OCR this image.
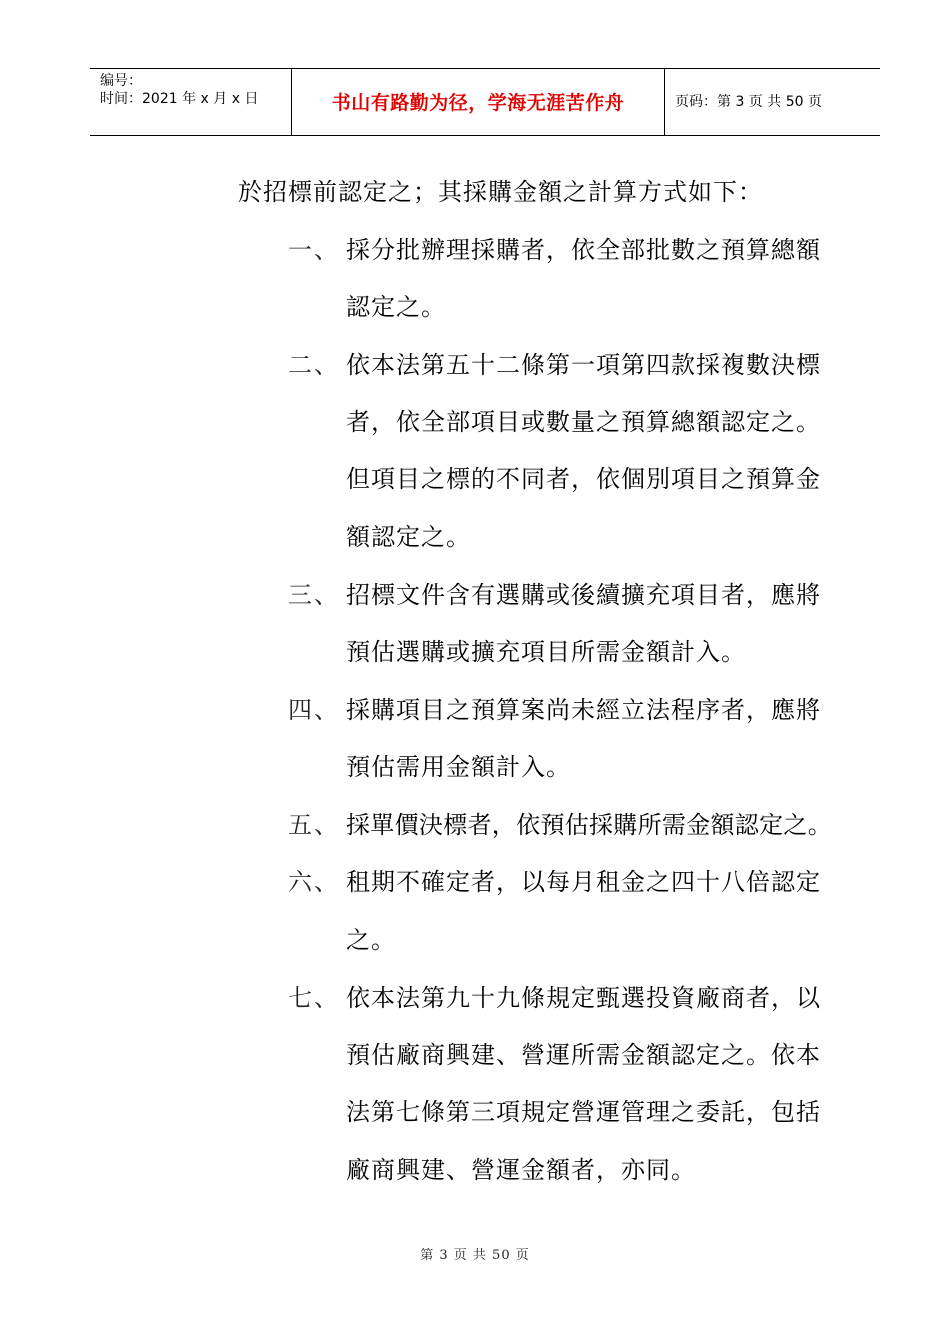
编号：
时间：2021 年 x 月 x 日	书山有路勤为径，学海无涯苦作舟	页码：第 3 页 共 50 页
於招標前認定之；其採購金額之計算方式如下：
一、 採分批辦理採購者，依全部批數之預算總額
認定之。
二、 依本法第五十二條第一項第四款採複數決標
者，依全部項目或數量之預算總額認定之。
但項目之標的不同者，依個別項目之預算金
額認定之。
三、 招標文件含有選購或後續擴充項目者，應將
預估選購或擴充項目所需金額計入。
四、 採購項目之預算案尚未經立法程序者，應將
預估需用金額計入。
五、 採單價決標者，依預估採購所需金額認定之。
六、 租期不確定者，以每月租金之四十八倍認定
之。
七、 依本法第九十九條規定甄選投資廠商者，以
預估廠商興建、營運所需金額認定之。依本
法第七條第三項規定營運管理之委託，包括
廠商興建、營運金額者，亦同。
第 3 页 共 50 页
